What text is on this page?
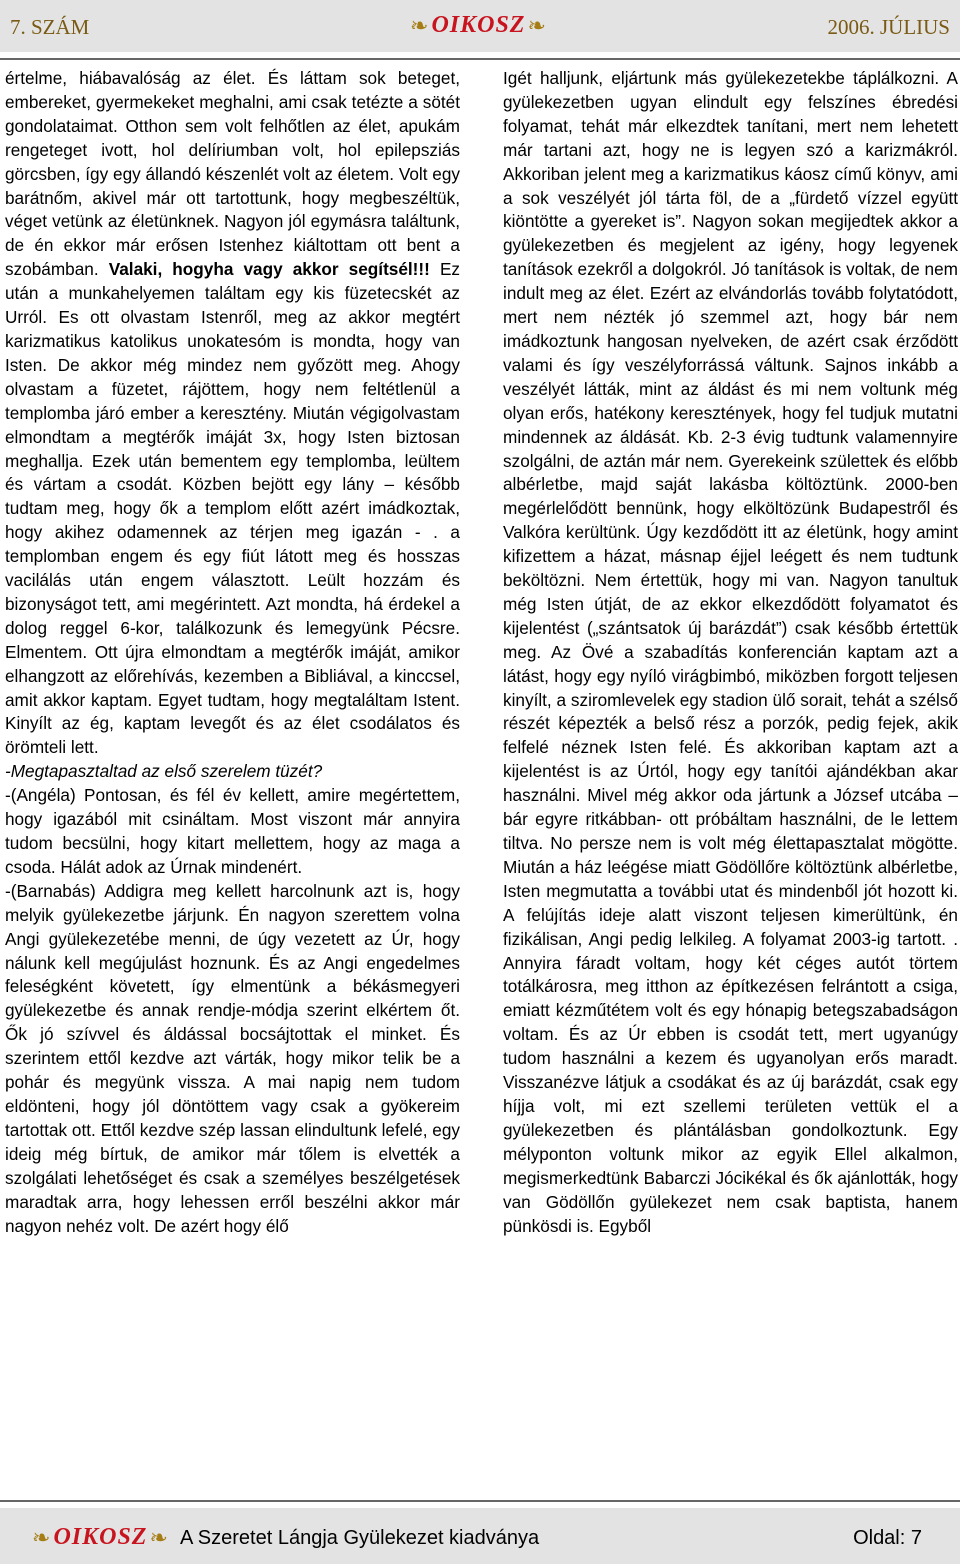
7. SZÁM	❧ OIKOSZ ❧	2006. JÚLIUS

értelme, hiábavalóság az élet. És láttam sok beteget, embereket, gyermekeket meghalni, ami csak tetézte a sötét gondolataimat. Otthon sem volt felhőtlen az élet, apukám rengeteget ivott, hol delíriumban volt, hol epilepsziás görcsben, így egy állandó készenlét volt az életem. Volt egy barátnőm, akivel már ott tartottunk, hogy megbeszéltük, véget vetünk az életünknek. Nagyon jól egymásra találtunk, de én ekkor már erősen Istenhez kiáltottam ott bent a szobámban. Valaki, hogyha vagy akkor segítsél!!! Ez után a munkahelyemen találtam egy kis füzetecskét az Urról. Es ott olvastam Istenről, meg az akkor megtért karizmatikus katolikus unokatesóm is mondta, hogy van Isten. De akkor még mindez nem győzött meg. Ahogy olvastam a füzetet, rájöttem, hogy nem feltétlenül a templomba járó ember a keresztény. Miután végigolvastam elmondtam a megtérők imáját 3x, hogy Isten biztosan meghallja. Ezek után bementem egy templomba, leültem és vártam a csodát. Közben bejött egy lány – később tudtam meg, hogy ők a templom előtt azért imádkoztak, hogy akihez odamennek az térjen meg igazán - . a templomban engem és egy fiút látott meg és hosszas vacilálás után engem választott. Leült hozzám és bizonyságot tett, ami megérintett. Azt mondta, há érdekel a dolog reggel 6-kor, találkozunk és lemegyünk Pécsre. Elmentem. Ott újra elmondtam a megtérők imáját, amikor elhangzott az előrehívás, kezemben a Bibliával, a kinccsel, amit akkor kaptam. Egyet tudtam, hogy megtaláltam Istent. Kinyílt az ég, kaptam levegőt és az élet csodálatos és örömteli lett.

-Megtapasztaltad az első szerelem tüzét?

-(Angéla) Pontosan, és fél év kellett, amire megértettem, hogy igazából mit csináltam. Most viszont már annyira tudom becsülni, hogy kitart mellettem, hogy az maga a csoda. Hálát adok az Úrnak mindenért.

-(Barnabás) Addigra meg kellett harcolnunk azt is, hogy melyik gyülekezetbe járjunk. Én nagyon szerettem volna Angi gyülekezetébe menni, de úgy vezetett az Úr, hogy nálunk kell megújulást hoznunk. És az Angi engedelmes feleségként követett, így elmentünk a békásmegyeri gyülekezetbe és annak rendje-módja szerint elkértem őt. Ők jó szívvel és áldással bocsájtottak el minket. És szerintem ettől kezdve azt várták, hogy mikor telik be a pohár és megyünk vissza. A mai napig nem tudom eldönteni, hogy jól döntöttem vagy csak a gyökereim tartottak ott. Ettől kezdve szép lassan elindultunk lefelé, egy ideig még bírtuk, de amikor már tőlem is elvették a szolgálati lehetőséget és csak a személyes beszélgetések maradtak arra, hogy lehessen erről beszélni akkor már nagyon nehéz volt. De azért hogy élő

Igét halljunk, eljártunk más gyülekezetekbe táplálkozni. A gyülekezetben ugyan elindult egy felszínes ébredési folyamat, tehát már elkezdtek tanítani, mert nem lehetett már tartani azt, hogy ne is legyen szó a karizmákról. Akkoriban jelent meg a karizmatikus káosz című könyv, ami a sok veszélyét jól tárta föl, de a „fürdető vízzel együtt kiöntötte a gyereket is”. Nagyon sokan megijedtek akkor a gyülekezetben és megjelent az igény, hogy legyenek tanítások ezekről a dolgokról. Jó tanítások is voltak, de nem indult meg az élet. Ezért az elvándorlás tovább folytatódott, mert nem nézték jó szemmel azt, hogy bár nem imádkoztunk hangosan nyelveken, de azért csak érződött valami és így veszélyforrássá váltunk. Sajnos inkább a veszélyét látták, mint az áldást és mi nem voltunk még olyan erős, hatékony keresztények, hogy fel tudjuk mutatni mindennek az áldását. Kb. 2-3 évig tudtunk valamennyire szolgálni, de aztán már nem. Gyerekeink születtek és előbb albérletbe, majd saját lakásba költöztünk. 2000-ben megérlelődött bennünk, hogy elköltözünk Budapestről és Valkóra kerültünk. Úgy kezdődött itt az életünk, hogy amint kifizettem a házat, másnap éjjel leégett és nem tudtunk beköltözni. Nem értettük, hogy mi van. Nagyon tanultuk még Isten útját, de az ekkor elkezdődött folyamatot és kijelentést („szántsatok új barázdát”) csak később értettük meg. Az Övé a szabadítás konferencián kaptam azt a látást, hogy egy nyíló virágbimbó, miközben forgott teljesen kinyílt, a sziromlevelek egy stadion ülő sorait, tehát a szélső részét képezték a belső rész a porzók, pedig fejek, akik felfelé néznek Isten felé. És akkoriban kaptam azt a kijelentést is az Úrtól, hogy egy tanítói ajándékban akar használni. Mivel még akkor oda jártunk a József utcába – bár egyre ritkábban- ott próbáltam használni, de le lettem tiltva. No persze nem is volt még élettapasztalat mögötte. Miután a ház leégése miatt Gödöllőre költöztünk albérletbe, Isten megmutatta a további utat és mindenből jót hozott ki. A felújítás ideje alatt viszont teljesen kimerültünk, én fizikálisan, Angi pedig lelkileg. A folyamat 2003-ig tartott. . Annyira fáradt voltam, hogy két céges autót törtem totálkárosra, meg itthon az építkezésen felrántott a csiga, emiatt kézműtétem volt és egy hónapig betegszabadságon voltam. És az Úr ebben is csodát tett, mert ugyanúgy tudom használni a kezem és ugyanolyan erős maradt. Visszanézve látjuk a csodákat és az új barázdát, csak egy híjja volt, mi ezt szellemi területen vettük el a gyülekezetben és plántálásban gondolkoztunk. Egy mélyponton voltunk mikor az egyik Ellel alkalmon, megismerkedtünk Babarczi Jócikékal és ők ajánlották, hogy van Gödöllőn gyülekezet nem csak baptista, hanem pünkösdi is. Egyből

❧ OIKOSZ ❧ A Szeretet Lángja Gyülekezet kiadványa	Oldal: 7
